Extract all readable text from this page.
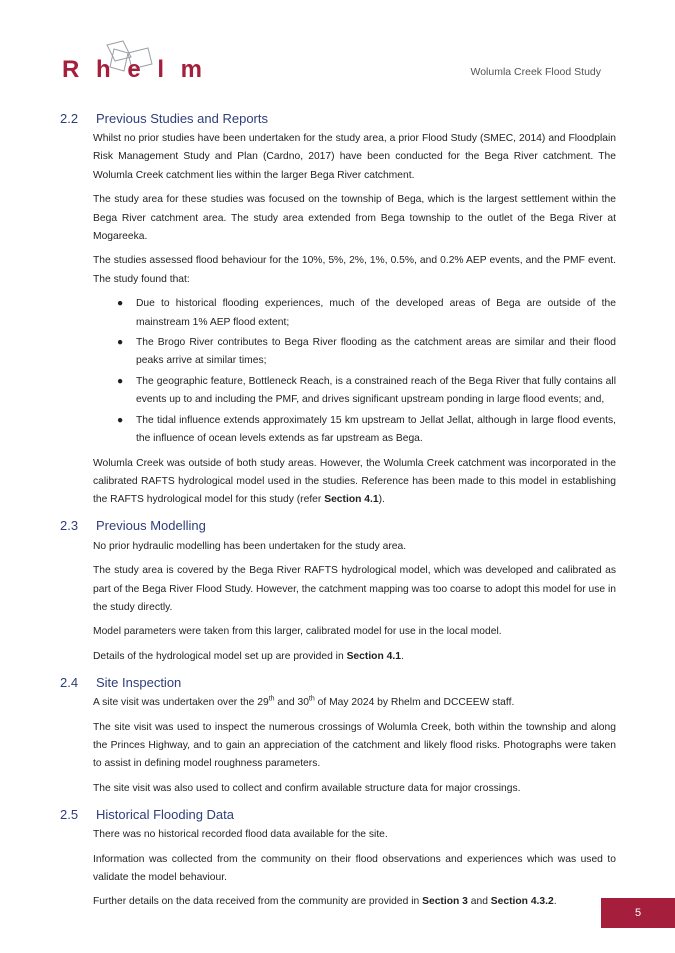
R h e l m	Wolumla Creek Flood Study
2.2	Previous Studies and Reports

Whilst no prior studies have been undertaken for the study area, a prior Flood Study (SMEC, 2014) and Floodplain Risk Management Study and Plan (Cardno, 2017) have been conducted for the Bega River catchment. The Wolumla Creek catchment lies within the larger Bega River catchment.

The study area for these studies was focused on the township of Bega, which is the largest settlement within the Bega River catchment area. The study area extended from Bega township to the outlet of the Bega River at Mogareeka.

The studies assessed flood behaviour for the 10%, 5%, 2%, 1%, 0.5%, and 0.2% AEP events, and the PMF event. The study found that:

● Due to historical flooding experiences, much of the developed areas of Bega are outside of the mainstream 1% AEP flood extent;
● The Brogo River contributes to Bega River flooding as the catchment areas are similar and their flood peaks arrive at similar times;
● The geographic feature, Bottleneck Reach, is a constrained reach of the Bega River that fully contains all events up to and including the PMF, and drives significant upstream ponding in large flood events; and,
● The tidal influence extends approximately 15 km upstream to Jellat Jellat, although in large flood events, the influence of ocean levels extends as far upstream as Bega.

Wolumla Creek was outside of both study areas. However, the Wolumla Creek catchment was incorporated in the calibrated RAFTS hydrological model used in the studies. Reference has been made to this model in establishing the RAFTS hydrological model for this study (refer Section 4.1).

2.3	Previous Modelling

No prior hydraulic modelling has been undertaken for the study area.

The study area is covered by the Bega River RAFTS hydrological model, which was developed and calibrated as part of the Bega River Flood Study. However, the catchment mapping was too coarse to adopt this model for use in the study directly.

Model parameters were taken from this larger, calibrated model for use in the local model.

Details of the hydrological model set up are provided in Section 4.1.

2.4	Site Inspection

A site visit was undertaken over the 29th and 30th of May 2024 by Rhelm and DCCEEW staff.

The site visit was used to inspect the numerous crossings of Wolumla Creek, both within the township and along the Princes Highway, and to gain an appreciation of the catchment and likely flood risks. Photographs were taken to assist in defining model roughness parameters.

The site visit was also used to collect and confirm available structure data for major crossings.

2.5	Historical Flooding Data

There was no historical recorded flood data available for the site.

Information was collected from the community on their flood observations and experiences which was used to validate the model behaviour.

Further details on the data received from the community are provided in Section 3 and Section 4.3.2.

5
